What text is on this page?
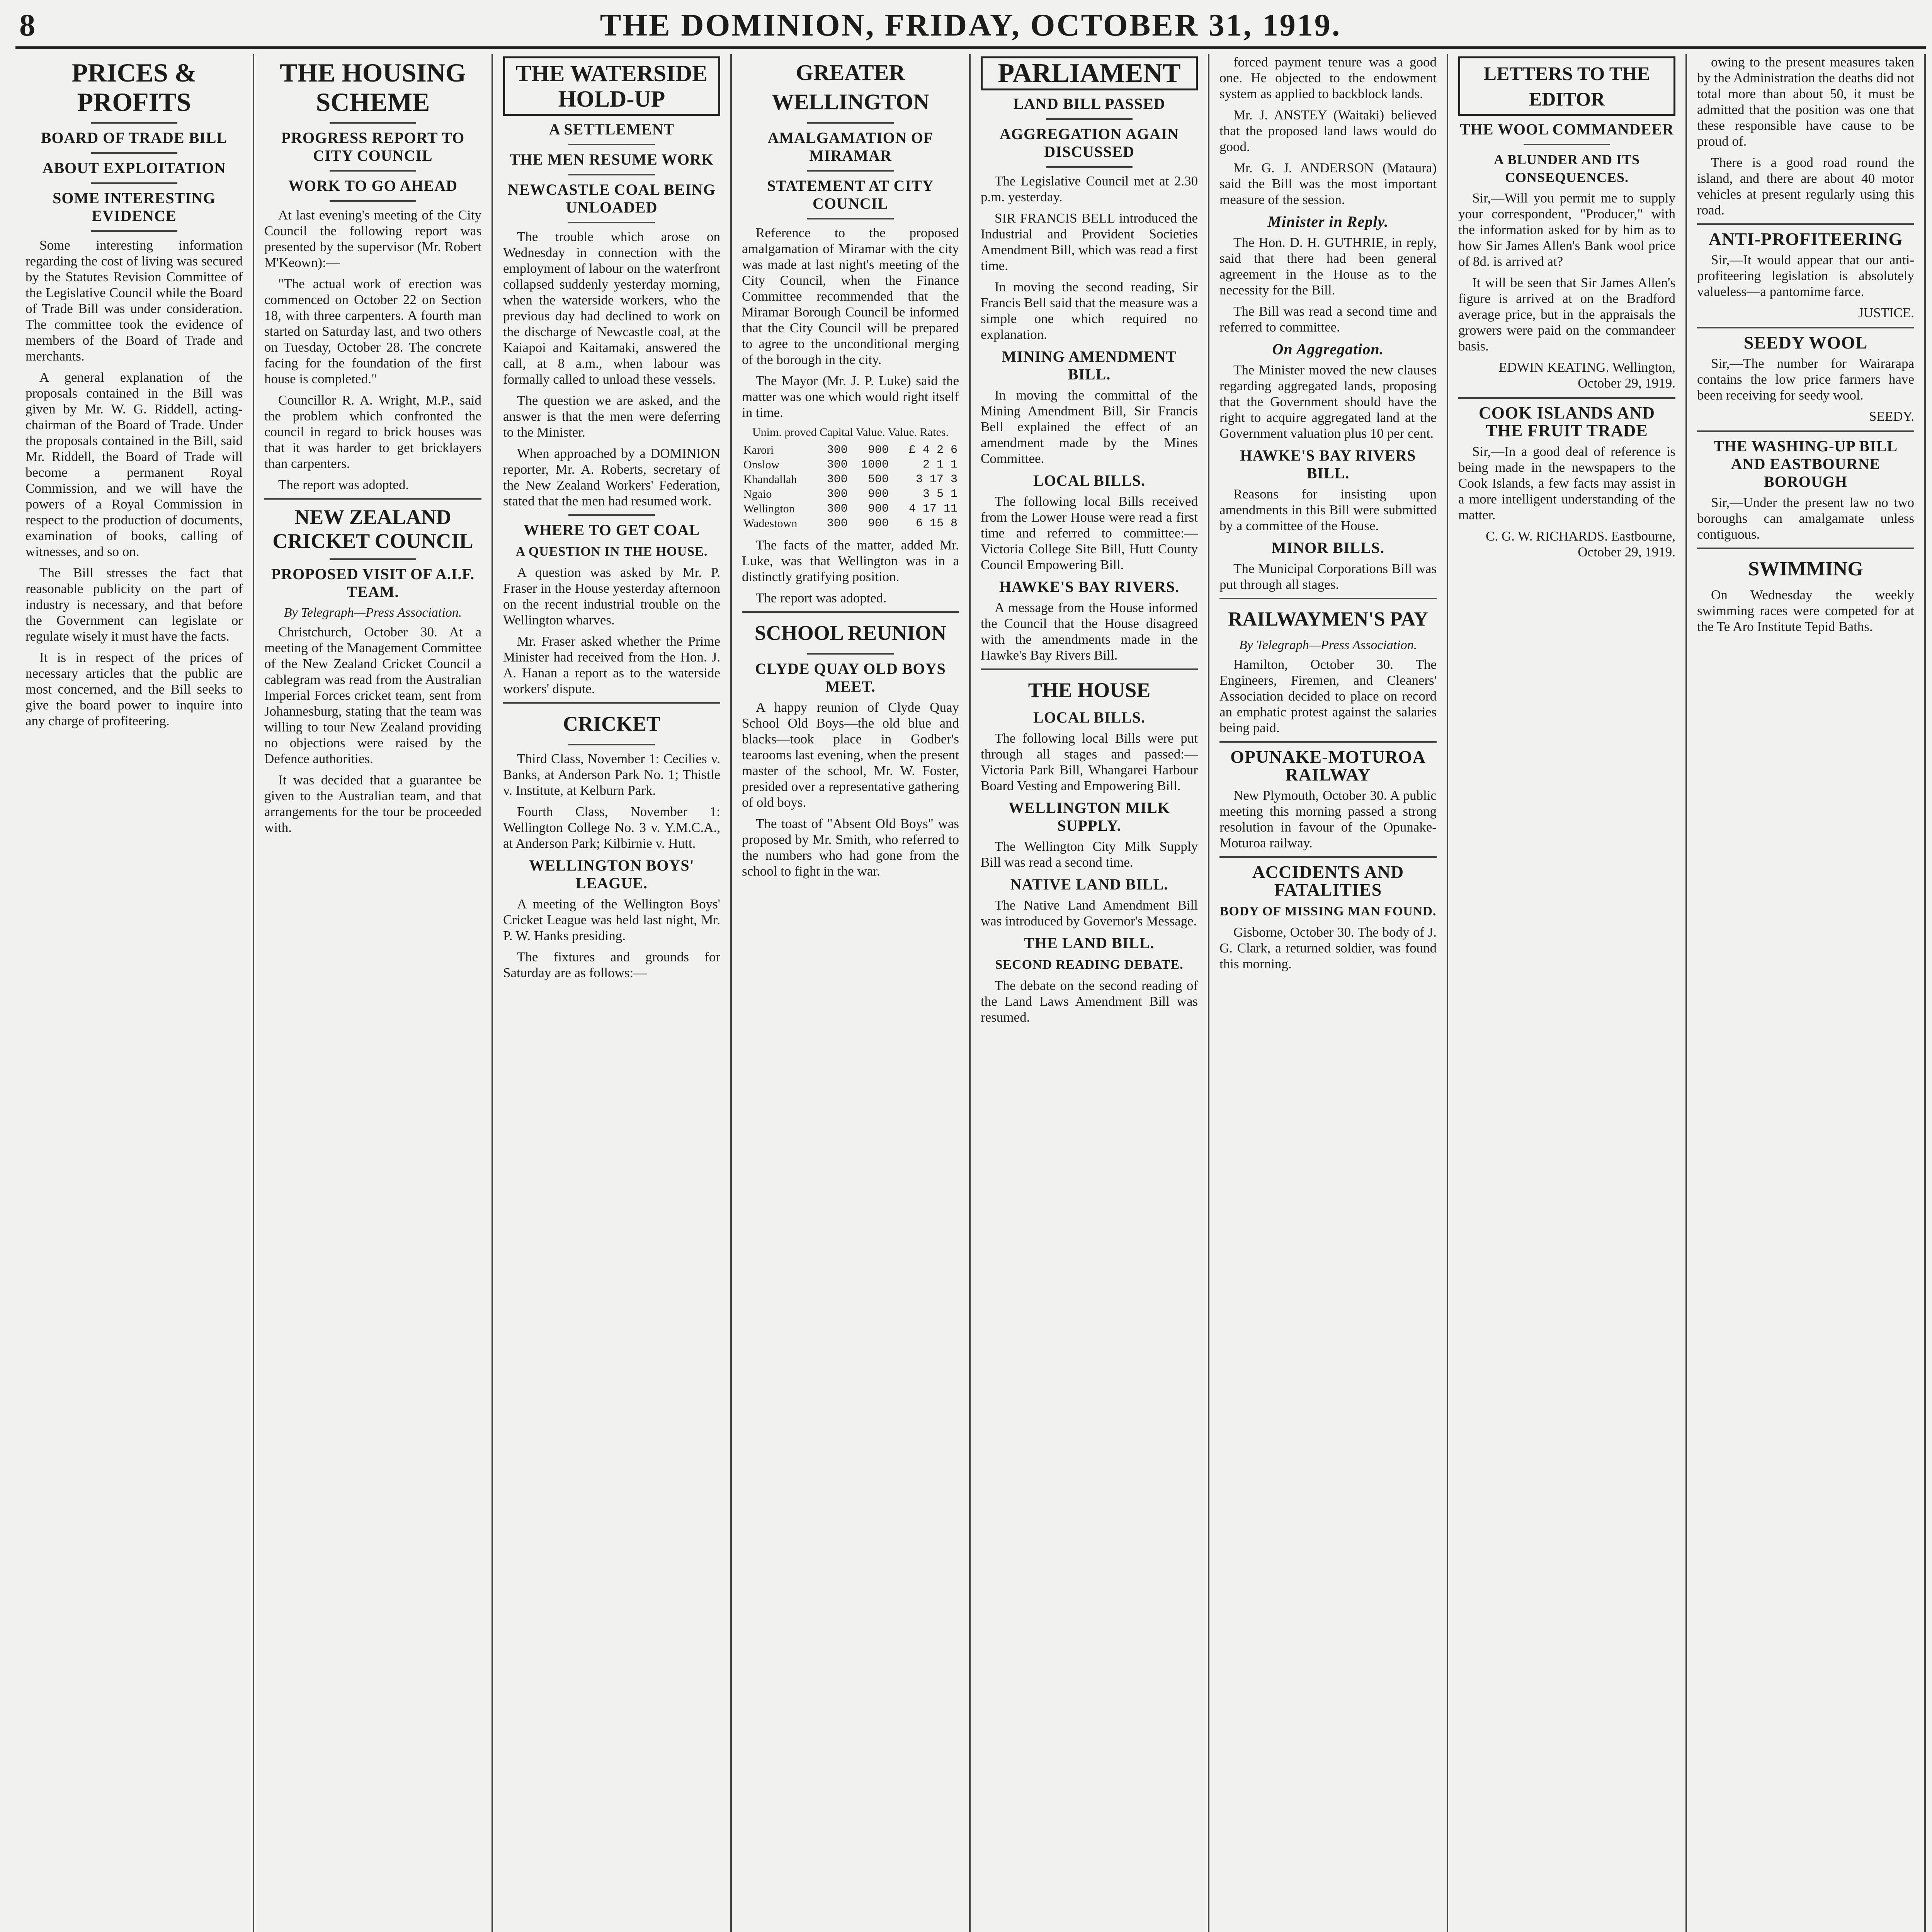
THE DOMINION, FRIDAY, OCTOBER 31, 1919.
8
PRICES & PROFITS
BOARD OF TRADE BILL
ABOUT EXPLOITATION
SOME INTERESTING EVIDENCE

Some interesting information regarding the cost of living was secured by the Statutes Revision Committee of the Legislative Council while the Board of Trade Bill was under consideration. The committee took the evidence of members of the Board of Trade and merchants.

A general explanation of the proposals contained in the Bill was given by Mr. W. G. Riddell, acting-chairman of the Board of Trade. Under the proposals contained in the Bill, said Mr. Riddell, the Board of Trade will become a permanent Royal Commission, and we will have the powers of a Royal Commission in respect to the production of documents, examination of books, calling of witnesses, and so on.

The Bill stresses the fact that reasonable publicity on the part of industry is necessary, and that before the Government can legislate or regulate wisely it must have the facts.

It is in respect of the prices of necessary articles that the public are most concerned, and the Bill seeks to give the board power to inquire into any charge of profiteering.

THE HOUSING SCHEME
PROGRESS REPORT TO CITY COUNCIL
WORK TO GO AHEAD

At last evening's meeting of the City Council the following report was presented by the supervisor (Mr. Robert M'Keown):—

"The actual work of erection was commenced on October 22 on Section 18, with three carpenters. A fourth man started on Saturday last, and two others on Tuesday, October 28. The concrete facing for the foundation of the first house is completed."

Councillor R. A. Wright, M.P., said the problem which confronted the council in regard to brick houses was that it was harder to get bricklayers than carpenters.

The report was adopted.

NEW ZEALAND CRICKET COUNCIL
PROPOSED VISIT OF A.I.F. TEAM.
By Telegraph—Press Association.

Christchurch, October 30. At a meeting of the Management Committee of the New Zealand Cricket Council a cablegram was read from the Australian Imperial Forces cricket team, sent from Johannesburg, stating that the team was willing to tour New Zealand providing no objections were raised by the Defence authorities.

It was decided that a guarantee be given to the Australian team, and that arrangements for the tour be proceeded with.

THE WATERSIDE HOLD-UP
A SETTLEMENT
THE MEN RESUME WORK
NEWCASTLE COAL BEING UNLOADED

The trouble which arose on Wednesday in connection with the employment of labour on the waterfront collapsed suddenly yesterday morning, when the waterside workers, who the previous day had declined to work on the discharge of Newcastle coal, at the Kaiapoi and Kaitamaki, answered the call, at 8 a.m., when labour was formally called to unload these vessels.

The question we are asked, and the answer is that the men were deferring to the Minister.

When approached by a DOMINION reporter, Mr. A. Roberts, secretary of the New Zealand Workers' Federation, stated that the men had resumed work.

WHERE TO GET COAL
A QUESTION IN THE HOUSE.

A question was asked by Mr. P. Fraser in the House yesterday afternoon on the recent industrial trouble on the Wellington wharves.

Mr. Fraser asked whether the Prime Minister had received from the Hon. J. A. Hanan a report as to the waterside workers' dispute.

CRICKET

Third Class, November 1: Cecilies v. Banks, at Anderson Park No. 1; Thistle v. Institute, at Kelburn Park.

Fourth Class, November 1: Wellington College No. 3 v. Y.M.C.A., at Anderson Park; Kilbirnie v. Hutt.

WELLINGTON BOYS' LEAGUE.

A meeting of the Wellington Boys' Cricket League was held last night, Mr. P. W. Hanks presiding.

The fixtures and grounds for Saturday are as follows:—

GREATER WELLINGTON
AMALGAMATION OF MIRAMAR
STATEMENT AT CITY COUNCIL

Reference to the proposed amalgamation of Miramar with the city was made at last night's meeting of the City Council, when the Finance Committee recommended that the Miramar Borough Council be informed that the City Council will be prepared to agree to the unconditional merging of the borough in the city.

The Mayor (Mr. J. P. Luke) said the matter was one which would right itself in time.

Unim. proved Capital Value. Value. Rates.
Karori	300	900	£ 4 2 6
Onslow	300	1000	2 1 1
Khandallah	300	500	3 17 3
Ngaio	300	900	3 5 1
Wellington	300	900	4 17 11
Wadestown	300	900	6 15 8

The facts of the matter, added Mr. Luke, was that Wellington was in a distinctly gratifying position.

The report was adopted.

SCHOOL REUNION
CLYDE QUAY OLD BOYS MEET.

A happy reunion of Clyde Quay School Old Boys—the old blue and blacks—took place in Godber's tearooms last evening, when the present master of the school, Mr. W. Foster, presided over a representative gathering of old boys.

The toast of "Absent Old Boys" was proposed by Mr. Smith, who referred to the numbers who had gone from the school to fight in the war.

PARLIAMENT
LAND BILL PASSED
AGGREGATION AGAIN DISCUSSED

The Legislative Council met at 2.30 p.m. yesterday.

SIR FRANCIS BELL introduced the Industrial and Provident Societies Amendment Bill, which was read a first time.

In moving the second reading, Sir Francis Bell said that the measure was a simple one which required no explanation.

MINING AMENDMENT BILL.

In moving the committal of the Mining Amendment Bill, Sir Francis Bell explained the effect of an amendment made by the Mines Committee.

LOCAL BILLS.

The following local Bills received from the Lower House were read a first time and referred to committee:—Victoria College Site Bill, Hutt County Council Empowering Bill.

HAWKE'S BAY RIVERS.

A message from the House informed the Council that the House disagreed with the amendments made in the Hawke's Bay Rivers Bill.

THE HOUSE
LOCAL BILLS.

The following local Bills were put through all stages and passed:—Victoria Park Bill, Whangarei Harbour Board Vesting and Empowering Bill.

WELLINGTON MILK SUPPLY.

The Wellington City Milk Supply Bill was read a second time.

NATIVE LAND BILL.

The Native Land Amendment Bill was introduced by Governor's Message.

THE LAND BILL.
SECOND READING DEBATE.

The debate on the second reading of the Land Laws Amendment Bill was resumed.

forced payment tenure was a good one. He objected to the endowment system as applied to backblock lands.

Mr. J. ANSTEY (Waitaki) believed that the proposed land laws would do good.

Mr. G. J. ANDERSON (Mataura) said the Bill was the most important measure of the session.

Minister in Reply.

The Hon. D. H. GUTHRIE, in reply, said that there had been general agreement in the House as to the necessity for the Bill.

The Bill was read a second time and referred to committee.

On Aggregation.

The Minister moved the new clauses regarding aggregated lands, proposing that the Government should have the right to acquire aggregated land at the Government valuation plus 10 per cent.

HAWKE'S BAY RIVERS BILL.

Reasons for insisting upon amendments in this Bill were submitted by a committee of the House.

MINOR BILLS.

The Municipal Corporations Bill was put through all stages.

RAILWAYMEN'S PAY
By Telegraph—Press Association.

Hamilton, October 30. The Engineers, Firemen, and Cleaners' Association decided to place on record an emphatic protest against the salaries being paid.

OPUNAKE-MOTUROA RAILWAY

New Plymouth, October 30. A public meeting this morning passed a strong resolution in favour of the Opunake-Moturoa railway.

ACCIDENTS AND FATALITIES
BODY OF MISSING MAN FOUND.

Gisborne, October 30. The body of J. G. Clark, a returned soldier, was found this morning.

LETTERS TO THE EDITOR
THE WOOL COMMANDEER
A BLUNDER AND ITS CONSEQUENCES.

Sir,—Will you permit me to supply your correspondent, "Producer," with the information asked for by him as to how Sir James Allen's Bank wool price of 8d. is arrived at?

It will be seen that Sir James Allen's figure is arrived at on the Bradford average price, but in the appraisals the growers were paid on the commandeer basis.

EDWIN KEATING. Wellington, October 29, 1919.
COOK ISLANDS AND THE FRUIT TRADE

Sir,—In a good deal of reference is being made in the newspapers to the Cook Islands, a few facts may assist in a more intelligent understanding of the matter.

C. G. W. RICHARDS. Eastbourne, October 29, 1919.

owing to the present measures taken by the Administration the deaths did not total more than about 50, it must be admitted that the position was one that these responsible have cause to be proud of.

There is a good road round the island, and there are about 40 motor vehicles at present regularly using this road.

ANTI-PROFITEERING

Sir,—It would appear that our anti-profiteering legislation is absolutely valueless—a pantomime farce.

JUSTICE.
SEEDY WOOL

Sir,—The number for Wairarapa contains the low price farmers have been receiving for seedy wool.

SEEDY.
THE WASHING-UP BILL AND EASTBOURNE BOROUGH

Sir,—Under the present law no two boroughs can amalgamate unless contiguous.

SWIMMING

On Wednesday the weekly swimming races were competed for at the Te Aro Institute Tepid Baths.
